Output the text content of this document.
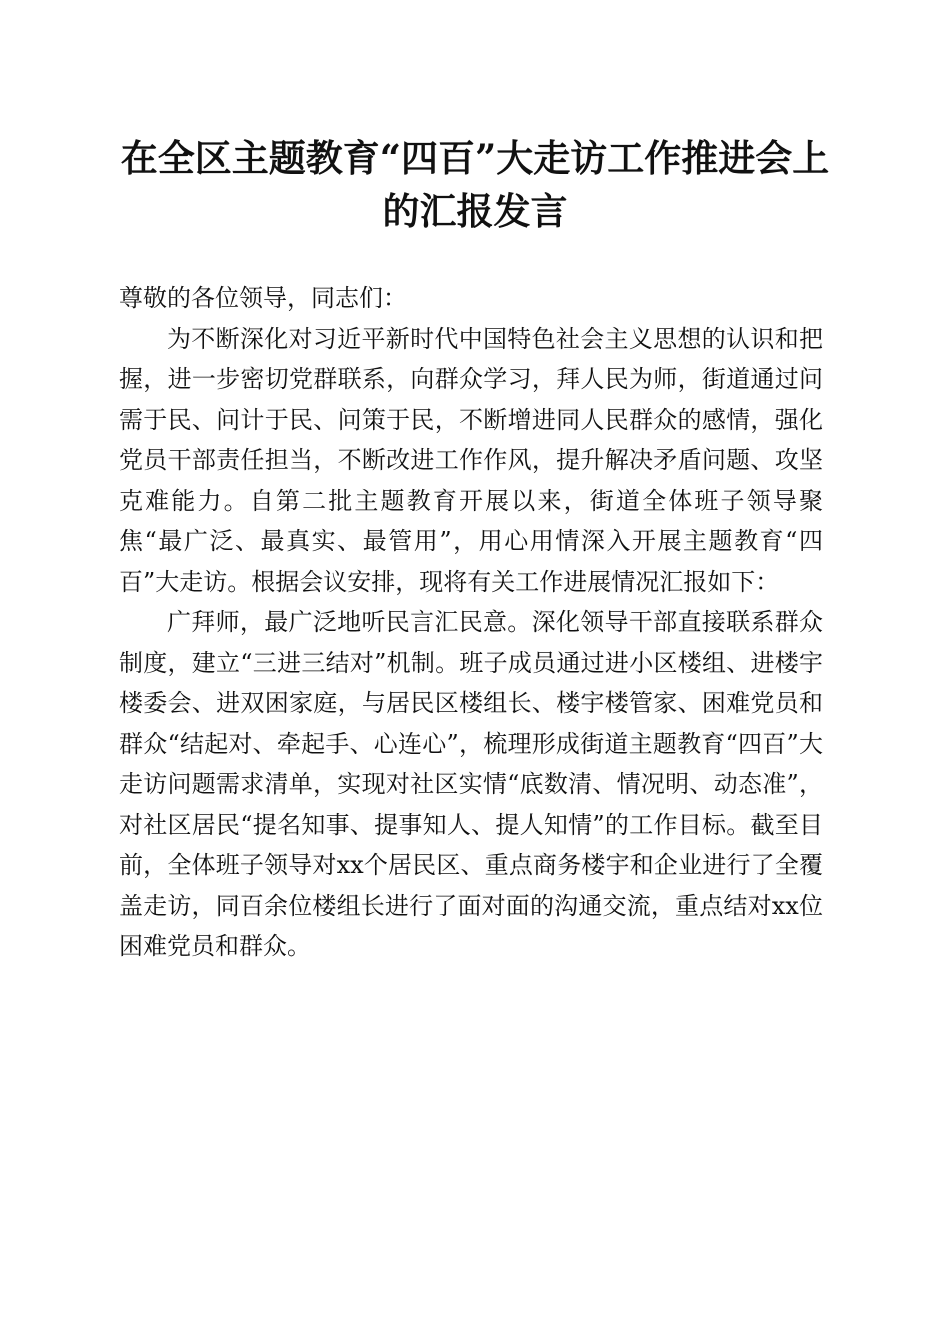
在全区主题教育“四百”大走访工作推进会上的汇报发言

尊敬的各位领导，同志们：

为不断深化对习近平新时代中国特色社会主义思想的认识和把握，进一步密切党群联系，向群众学习，拜人民为师，街道通过问需于民、问计于民、问策于民，不断增进同人民群众的感情，强化党员干部责任担当，不断改进工作作风，提升解决矛盾问题、攻坚克难能力。自第二批主题教育开展以来，街道全体班子领导聚焦“最广泛、最真实、最管用”，用心用情深入开展主题教育“四百”大走访。根据会议安排，现将有关工作进展情况汇报如下：

广拜师，最广泛地听民言汇民意。深化领导干部直接联系群众制度，建立“三进三结对”机制。班子成员通过进小区楼组、进楼宇楼委会、进双困家庭，与居民区楼组长、楼宇楼管家、困难党员和群众“结起对、牵起手、心连心”，梳理形成街道主题教育“四百”大走访问题需求清单，实现对社区实情“底数清、情况明、动态准”，对社区居民“提名知事、提事知人、提人知情”的工作目标。截至目前，全体班子领导对xx个居民区、重点商务楼宇和企业进行了全覆盖走访，同百余位楼组长进行了面对面的沟通交流，重点结对xx位困难党员和群众。
